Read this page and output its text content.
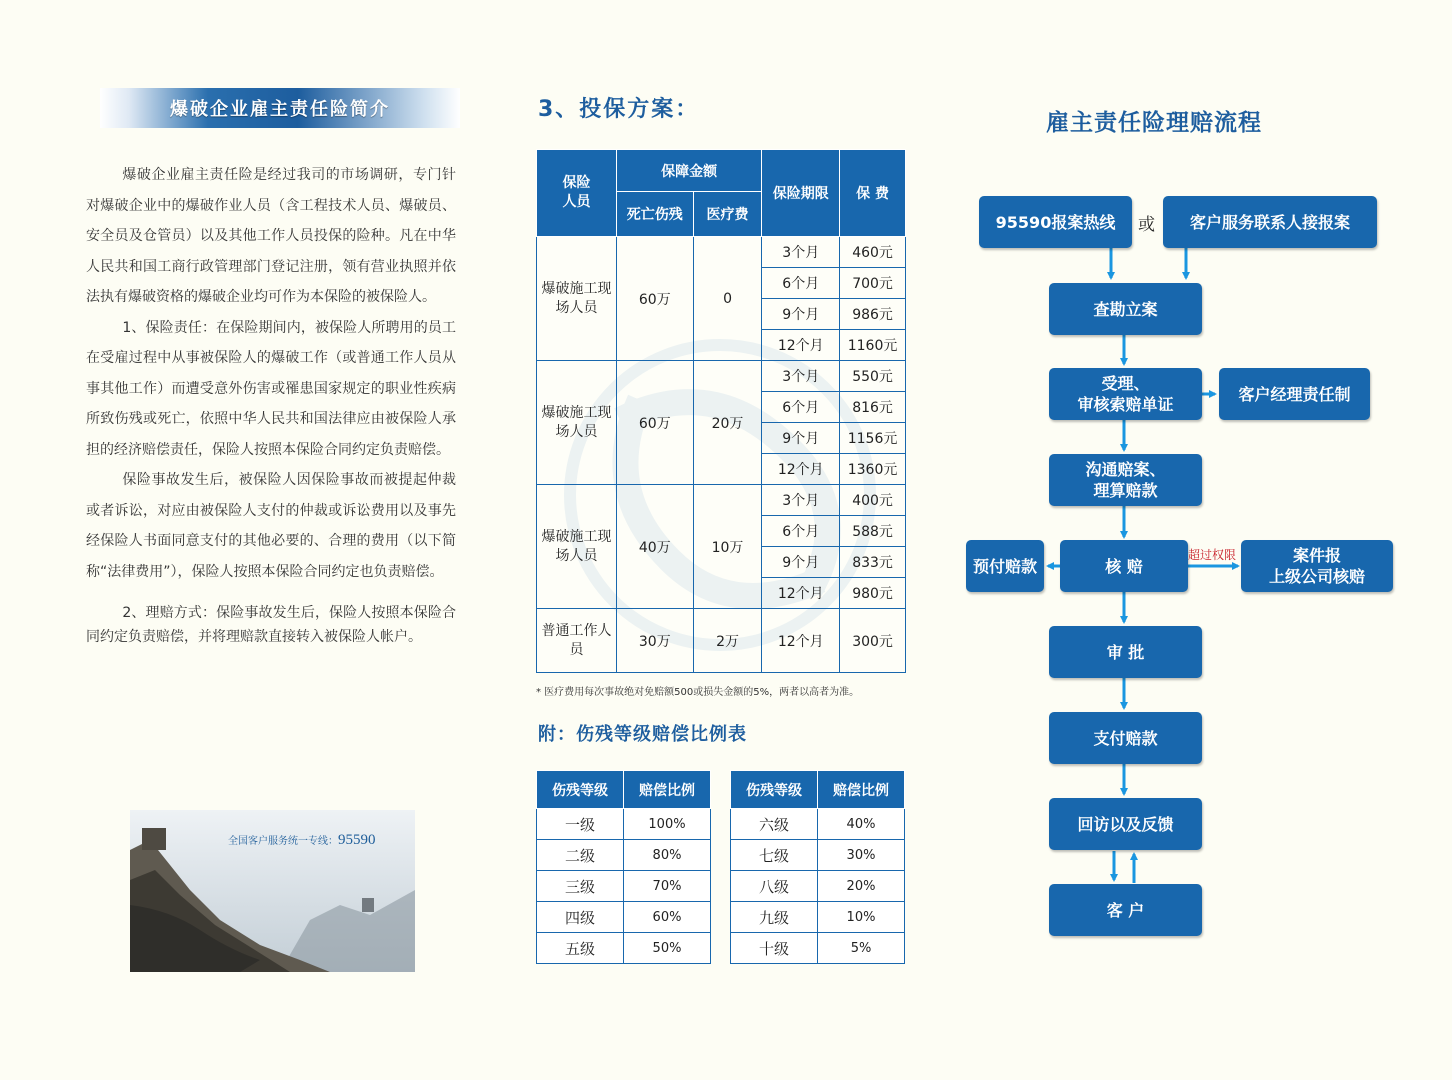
爆破企业雇主责任险简介

爆破企业雇主责任险是经过我司的市场调研，专门针对爆破企业中的爆破作业人员（含工程技术人员、爆破员、安全员及仓管员）以及其他工作人员投保的险种。凡在中华人民共和国工商行政管理部门登记注册，领有营业执照并依法执有爆破资格的爆破企业均可作为本保险的被保险人。

1、保险责任：在保险期间内，被保险人所聘用的员工在受雇过程中从事被保险人的爆破工作（或普通工作人员从事其他工作）而遭受意外伤害或罹患国家规定的职业性疾病所致伤残或死亡，依照中华人民共和国法律应由被保险人承担的经济赔偿责任，保险人按照本保险合同约定负责赔偿。

保险事故发生后，被保险人因保险事故而被提起仲裁或者诉讼，对应由被保险人支付的仲裁或诉讼费用以及事先经保险人书面同意支付的其他必要的、合理的费用（以下简称“法律费用”），保险人按照本保险合同约定也负责赔偿。

2、理赔方式：保险事故发生后，保险人按照本保险合同约定负责赔偿，并将理赔款直接转入被保险人帐户。

全国客户服务统一专线：95590
3、投保方案：
保险人员	保障金额		保险期限	保 费
	死亡伤残	医疗费		
爆破施工现场人员	60万	0	3个月	460元
			6个月	700元
			9个月	986元
			12个月	1160元
爆破施工现场人员	60万	20万	3个月	550元
			6个月	816元
			9个月	1156元
			12个月	1360元
爆破施工现场人员	40万	10万	3个月	400元
			6个月	588元
			9个月	833元
			12个月	980元
普通工作人员	30万	2万	12个月	300元
* 医疗费用每次事故绝对免赔额500或损失金额的5%，两者以高者为准。
附：伤残等级赔偿比例表
伤残等级	赔偿比例
一级	100%
二级	80%
三级	70%
四级	60%
五级	50%
伤残等级	赔偿比例
六级	40%
七级	30%
八级	20%
九级	10%
十级	5%
雇主责任险理赔流程
95590报案热线	或	客户服务联系人接报案
查勘立案
受理、
审核索赔单证
客户经理责任制
沟通赔案、
理算赔款
预付赔款	核 赔
超过权限	案件报
上级公司核赔
审 批
支付赔款
回访以及反馈
客 户
